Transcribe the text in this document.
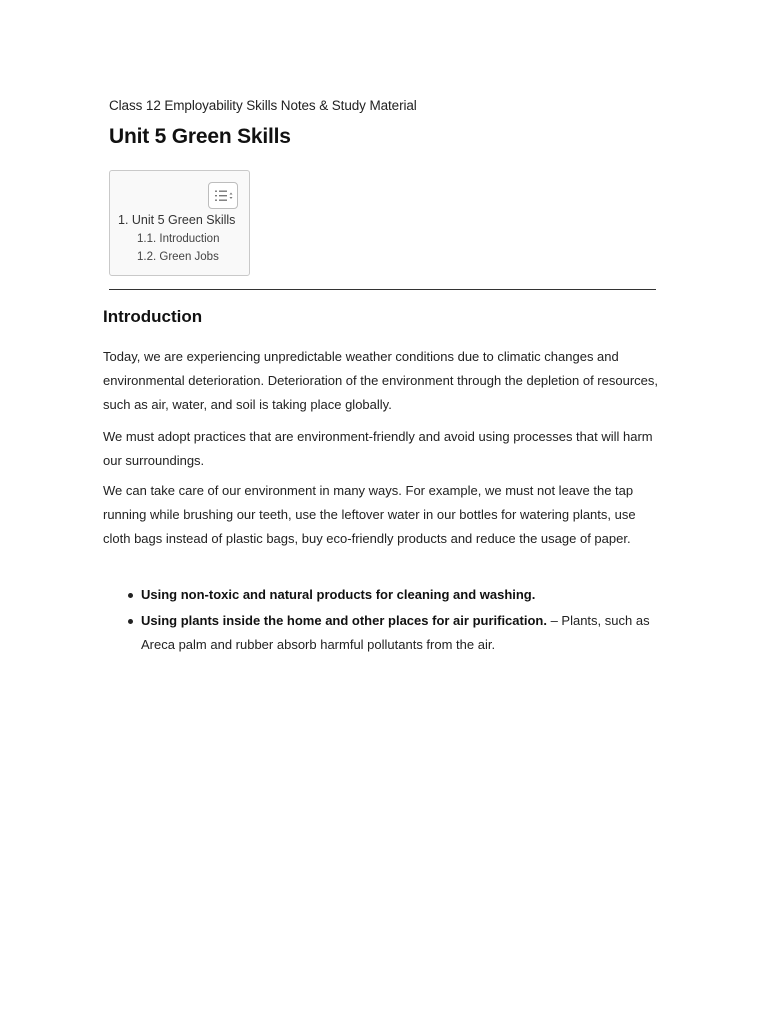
Class 12 Employability Skills Notes & Study Material
Unit 5 Green Skills
1. Unit 5 Green Skills
1.1. Introduction
1.2. Green Jobs
Introduction

Today, we are experiencing unpredictable weather conditions due to climatic changes and environmental deterioration. Deterioration of the environment through the depletion of resources, such as air, water, and soil is taking place globally.

We must adopt practices that are environment-friendly and avoid using processes that will harm our surroundings.

We can take care of our environment in many ways. For example, we must not leave the tap running while brushing our teeth, use the leftover water in our bottles for watering plants, use cloth bags instead of plastic bags, buy eco-friendly products and reduce the usage of paper.

Using non-toxic and natural products for cleaning and washing.
Using plants inside the home and other places for air purification. – Plants, such as Areca palm and rubber absorb harmful pollutants from the air.
